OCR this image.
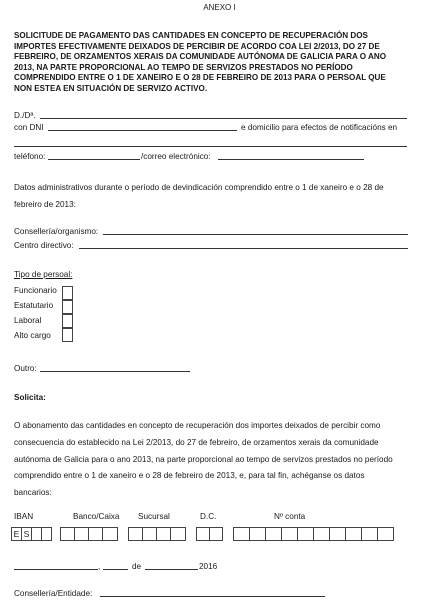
ANEXO I
SOLICITUDE DE PAGAMENTO DAS CANTIDADES EN CONCEPTO DE RECUPERACIÓN DOS
IMPORTES EFECTIVAMENTE DEIXADOS DE PERCIBIR DE ACORDO COA LEI 2/2013, DO 27 DE
FEBREIRO, DE ORZAMENTOS XERAIS DA COMUNIDADE AUTÓNOMA DE GALICIA PARA O ANO
2013, NA PARTE PROPORCIONAL AO TEMPO DE SERVIZOS PRESTADOS NO PERÍODO
COMPRENDIDO ENTRE O 1 DE XANEIRO E O 28 DE FEBREIRO DE 2013 PARA O PERSOAL QUE
NON ESTEA EN SITUACIÓN DE SERVIZO ACTIVO.
D./Dª.
con DNI	e domicilio para efectos de notificacións en
teléfono:	/correo electrónico:
Datos administrativos durante o período de devindicación comprendido entre o 1 de xaneiro e o 28 de
febreiro de 2013:
Consellería/organismo:
Centro directivo:
Tipo de persoal:
Funcionario
Estatutario
Laboral
Alto cargo
Outro:
Solicita:
O abonamento das cantidades en concepto de recuperación dos importes deixados de percibir como
consecuencia do establecido na Lei 2/2013, do 27 de febreiro, de orzamentos xerais da comunidade
autónoma de Galicia para o ano 2013, na parte proporcional ao tempo de servizos prestados no período
comprendido entre o 1 de xaneiro e o 28 de febreiro de 2013, e, para tal fin, achéganse os datos
bancarios:
IBAN	Banco/Caixa Sucursal	D.C.	Nº conta
E S
,	de	2016
Consellería/Entidade:
